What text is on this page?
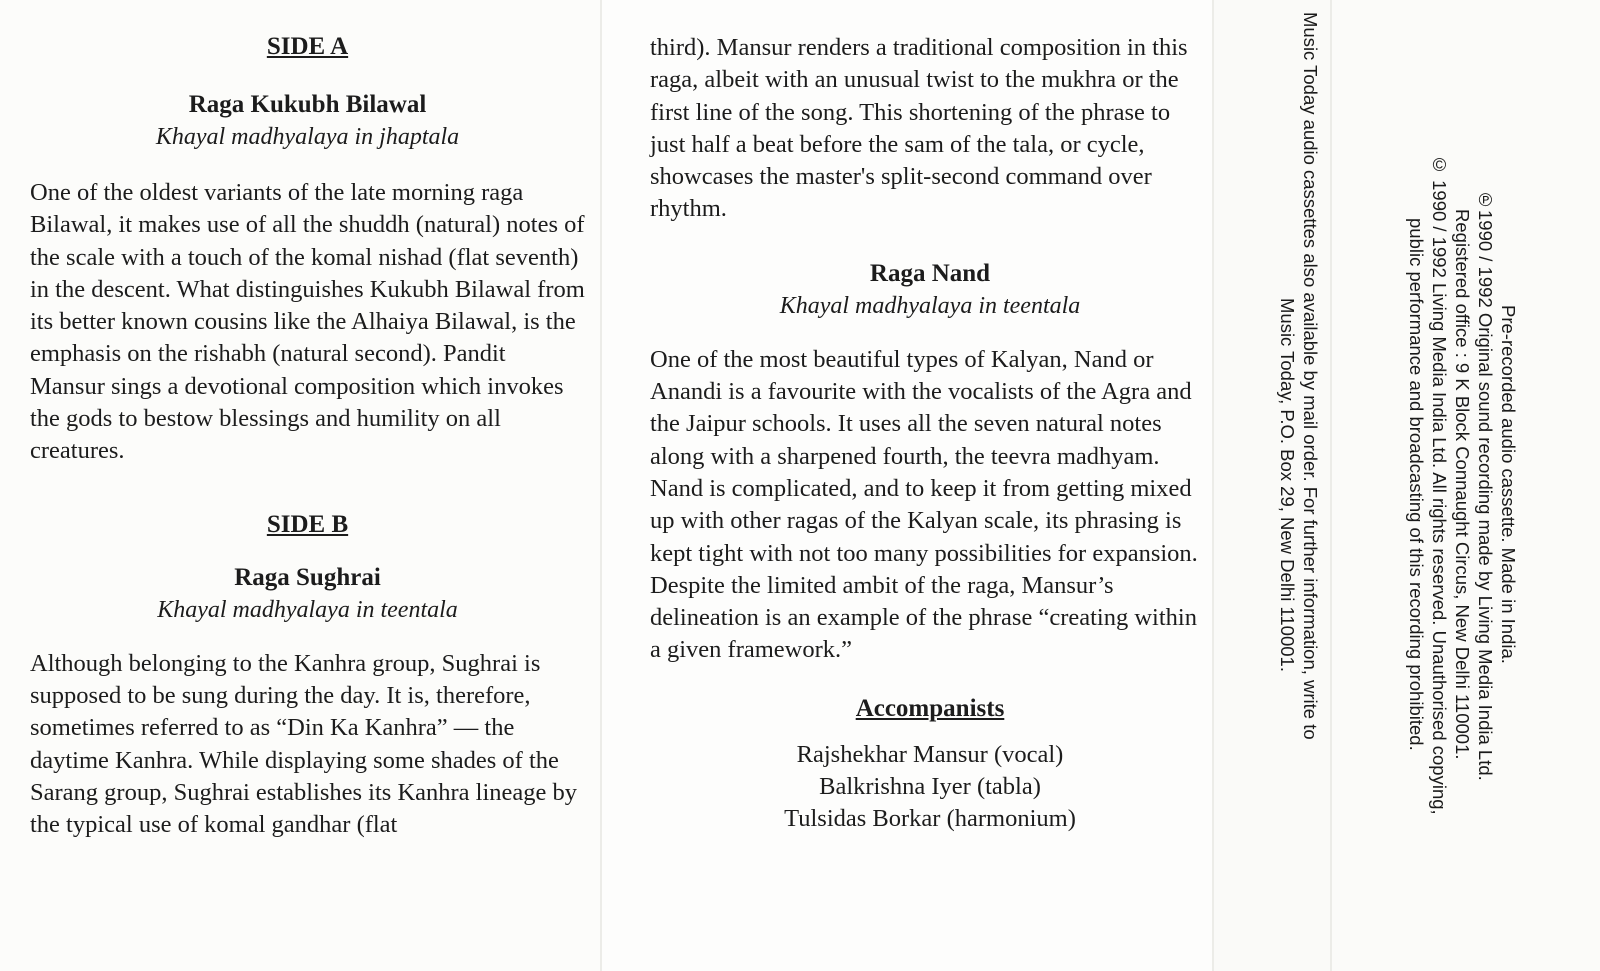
SIDE A

Raga Kukubh Bilawal

Khayal madhyalaya in jhaptala

One of the oldest variants of the late morning raga Bilawal, it makes use of all the shuddh (natural) notes of the scale with a touch of the komal nishad (flat seventh) in the descent. What distinguishes Kukubh Bilawal from its better known cousins like the Alhaiya Bilawal, is the emphasis on the rishabh (natural second). Pandit Mansur sings a devotional composition which invokes the gods to bestow blessings and humility on all creatures.

SIDE B

Raga Sughrai

Khayal madhyalaya in teentala

Although belonging to the Kanhra group, Sughrai is supposed to be sung during the day. It is, therefore, sometimes referred to as “Din Ka Kanhra” — the daytime Kanhra. While displaying some shades of the Sarang group, Sughrai establishes its Kanhra lineage by the typical use of komal gandhar (flat

third). Mansur renders a traditional composition in this raga, albeit with an unusual twist to the mukhra or the first line of the song. This shortening of the phrase to just half a beat before the sam of the tala, or cycle, showcases the master's split-second command over rhythm.

Raga Nand

Khayal madhyalaya in teentala

One of the most beautiful types of Kalyan, Nand or Anandi is a favourite with the vocalists of the Agra and the Jaipur schools. It uses all the seven natural notes along with a sharpened fourth, the teevra madhyam. Nand is complicated, and to keep it from getting mixed up with other ragas of the Kalyan scale, its phrasing is kept tight with not too many possibilities for expansion. Despite the limited ambit of the raga, Mansur’s delineation is an example of the phrase “creating within a given framework.”

Accompanists

Rajshekhar Mansur (vocal)
Balkrishna Iyer (tabla)
Tulsidas Borkar (harmonium)
Music Today audio cassettes also available by mail order. For further information, write to
Music Today, P.O. Box 29, New Delhi 110001.	Pre-recorded audio cassette. Made in India.
℗1990 / 1992 Original sound recording made by Living Media India Ltd.
Registered office : 9 K Block Connaught Circus, New Delhi 110001.
© 1990 / 1992 Living Media India Ltd. All rights reserved. Unauthorised copying,
public performance and broadcasting of this recording prohibited.
